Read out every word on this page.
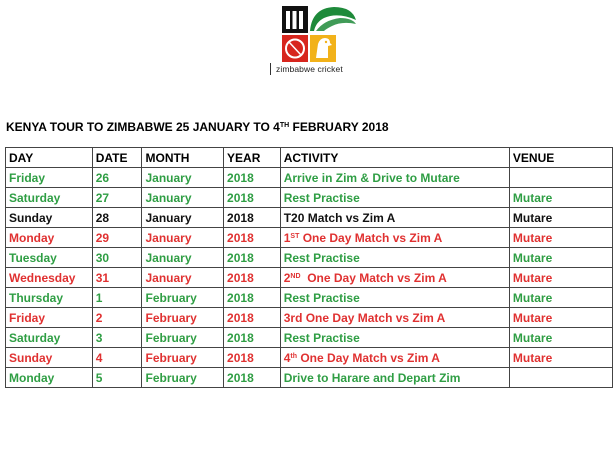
zimbabwe cricket
KENYA TOUR TO ZIMBABWE 25 JANUARY TO 4TH FEBRUARY 2018
DAY	DATE	MONTH	YEAR	ACTIVITY	VENUE
Friday	26	January	2018	Arrive in Zim & Drive to Mutare	
Saturday	27	January	2018	Rest Practise	Mutare
Sunday	28	January	2018	T20 Match vs Zim A	Mutare
Monday	29	January	2018	1ST One Day Match vs Zim A	Mutare
Tuesday	30	January	2018	Rest Practise	Mutare
Wednesday	31	January	2018	2ND  One Day Match vs Zim A	Mutare
Thursday	1	February	2018	Rest Practise	Mutare
Friday	2	February	2018	3rd One Day Match vs Zim A	Mutare
Saturday	3	February	2018	Rest Practise	Mutare
Sunday	4	February	2018	4th One Day Match vs Zim A	Mutare
Monday	5	February	2018	Drive to Harare and Depart Zim	
